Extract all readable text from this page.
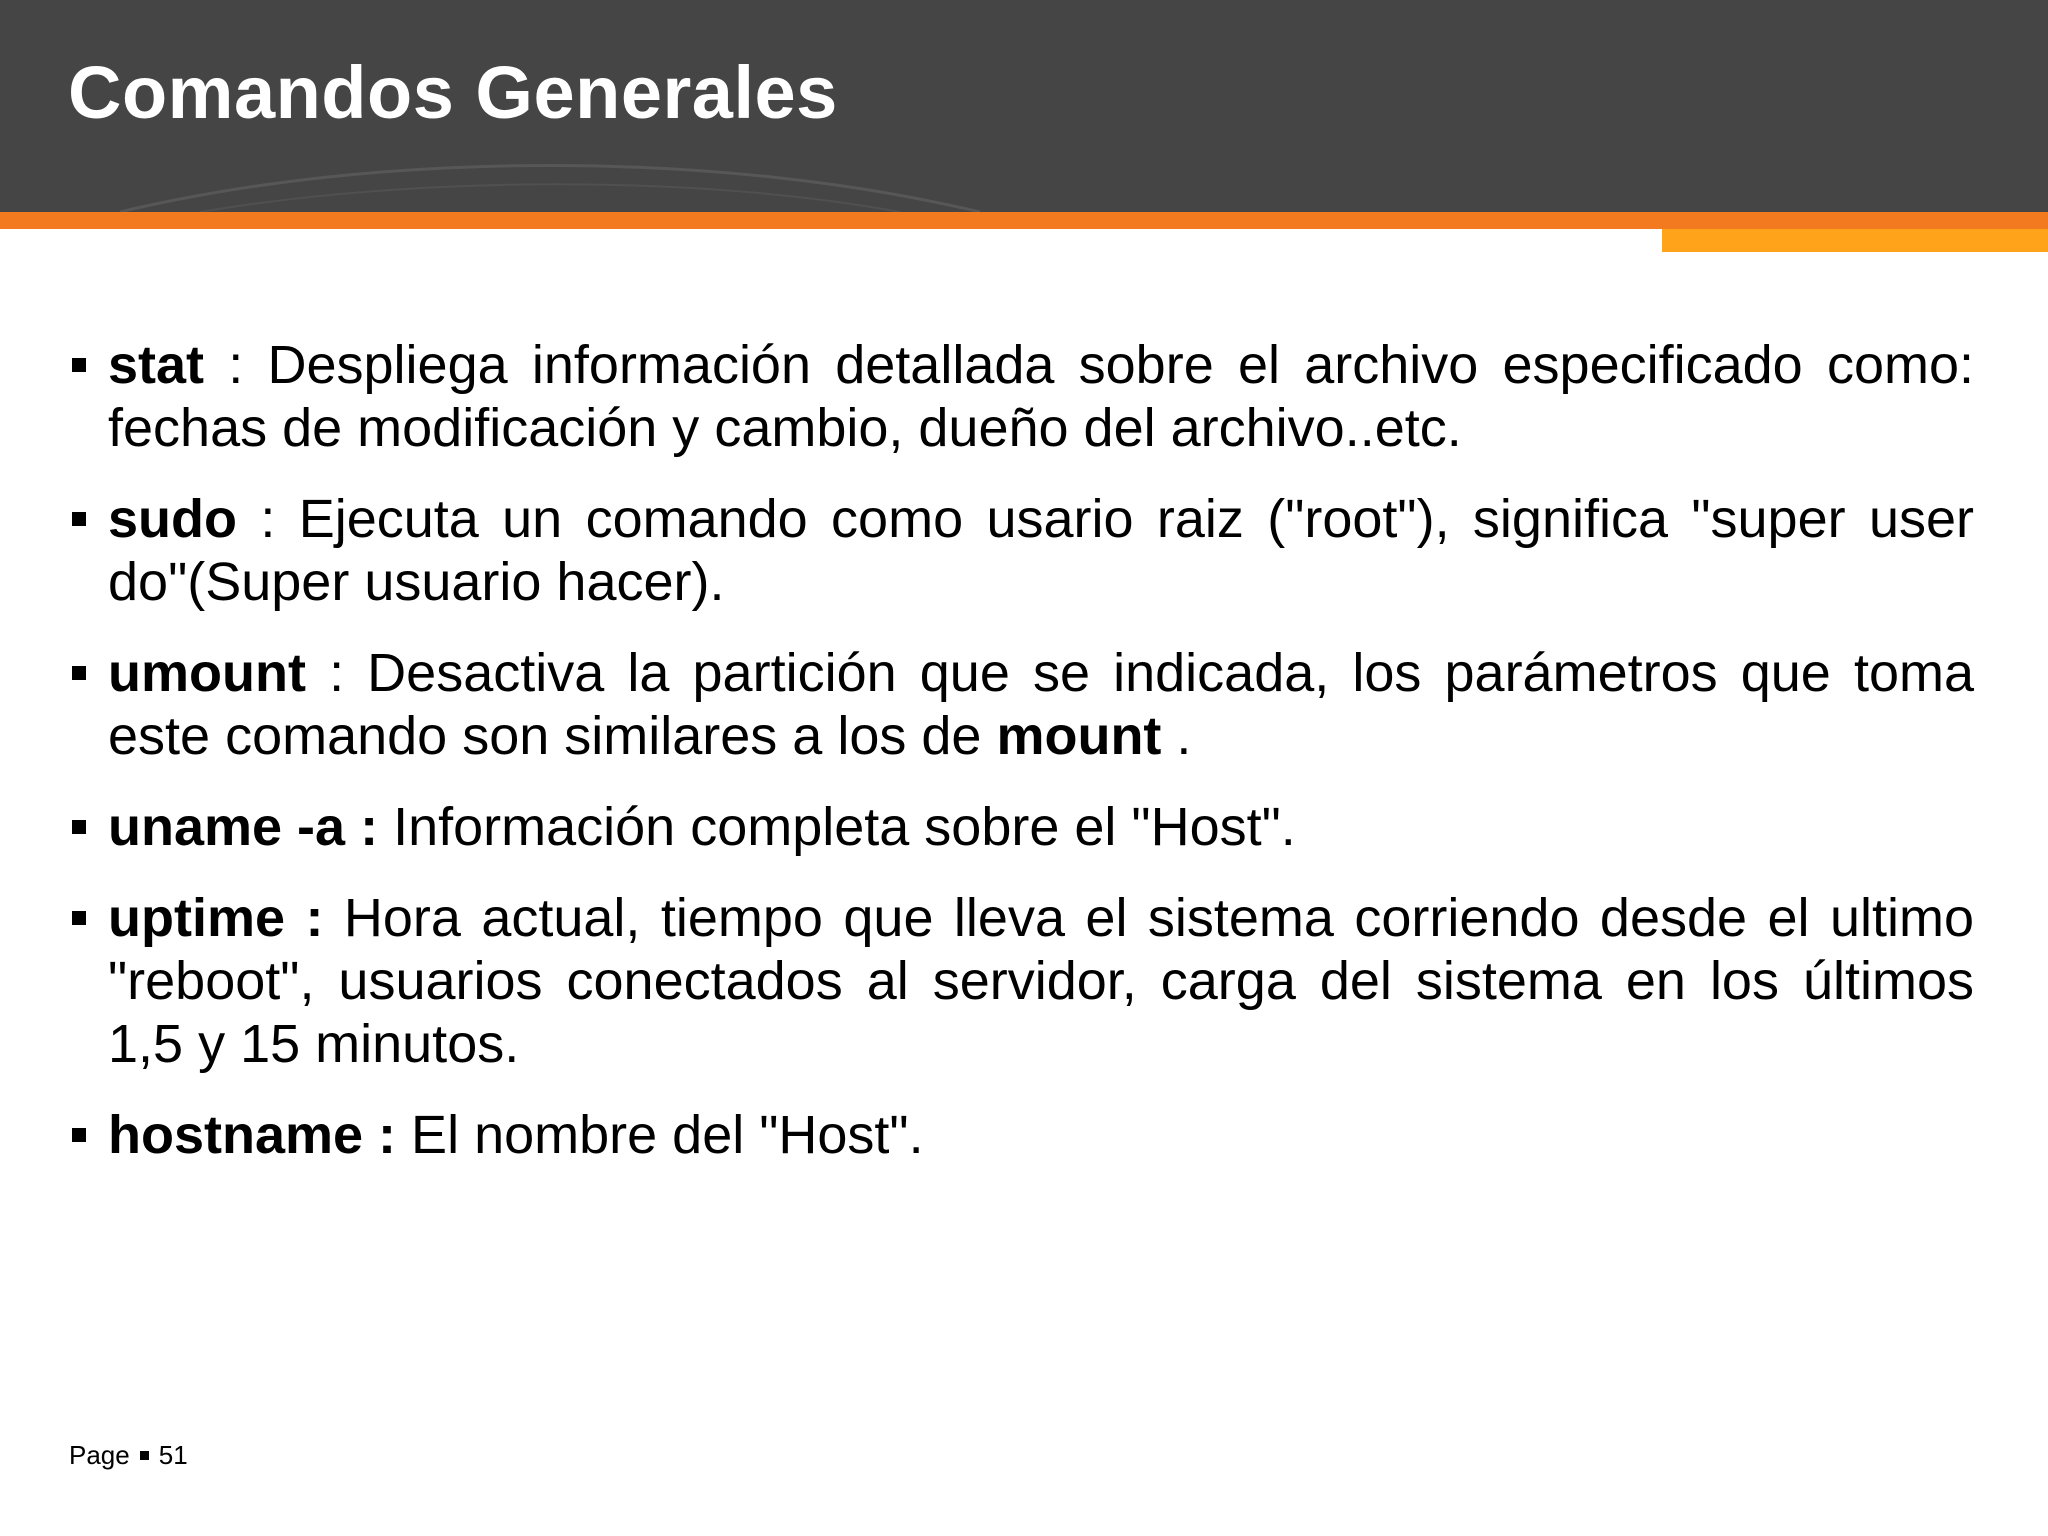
Comandos Generales
stat : Despliega información detallada sobre el archivo especificado como: fechas de modificación y cambio, dueño del archivo..etc.
sudo : Ejecuta un comando como usario raiz ("root"), significa "super user do"(Super usuario hacer).
umount : Desactiva la partición que se indicada, los parámetros que toma este comando son similares a los de mount .
uname -a : Información completa sobre el "Host".
uptime : Hora actual, tiempo que lleva el sistema corriendo desde el ultimo "reboot", usuarios conectados al servidor, carga del sistema en los últimos 1,5 y 15 minutos.
hostname : El nombre del "Host".
Page 51
